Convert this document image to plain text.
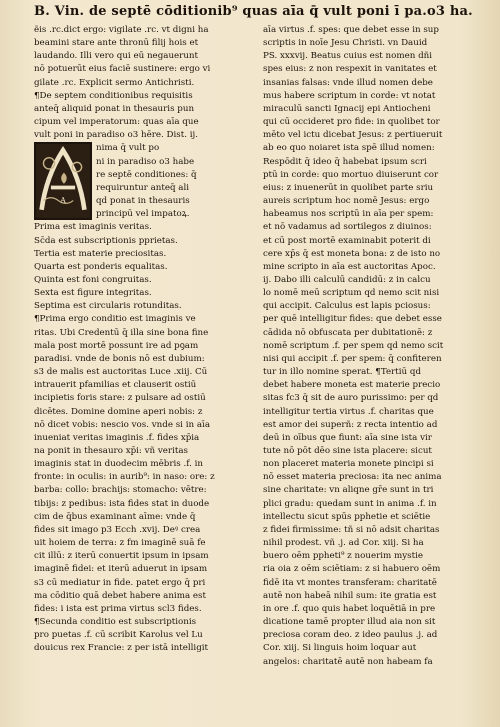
B. Vin. de septē cōditionib⁹ quas aīa q̄ vult poni ī pa.o3 ha.
ẽis .rc.dict ergo: vigilate .rc. vt digni ha
beamini stare ante thronū filij hois et
laudando. Illi vero qui eū negauerunt
nō potuerūt eius faciē sustinere: ergo vi
gilate .rc. Explicit sermo Antichristi.
¶De septem conditionibus requisitis
anteq̄ aliquid ponat in thesauris pun
cipum vel imperatorum: quas aīa que
vult poni in paradiso o3 hēre. Dist. ij.
A
nima q̄ vult po
ni in paradiso o3 habe
re septē conditiones: q̄
requiruntur anteq̄ ali
qd ponat in thesauris
principū vel impatoꝝ.
Prima est imaginis veritas.
Sc̄da est subscriptionis pprietas.
Tertia est materie preciositas.
Quarta est ponderis equalitas.
Quinta est foni congruitas.
Sexta est figure integritas.
Septima est circularis rotunditas.
¶Prima ergo conditio est imaginis ve
ritas. Ubi Credentū q̄ illa sine bona fine
mala post mortē possunt ire ad pꝯam
paradisi. vnde de bonis nō est dubium:
s3 de malis est auctoritas Luce .xiij. Cū
intrauerit pfamilias et clauserit ostiū
incipietis foris stare: z pulsare ad ostiū
dicētes. Domine domine aperi nobis: z
nō dicet vobis: nescio vos. vnde si in aīa
inueniat veritas imaginis .f. fides xp̄ia
na ponit in thesauro xp̄i: vñ veritas
imaginis stat in duodecim mēbris .f. in
fronte: in oculis: in aurib⁹: in naso: ore: z
barba: collo: brachijs: stomacho: vētre:
tibijs: z pedibus: ista fides stat in duode
cim de q̄bus examinant aīme: vnde q̄
fides sit imago p3 Ecch .xvij. Deꝰ crea
uit hoiem de terra: z fm imaginē suā fe
cit illū: z iterū conuertit ipsum in ipsam
imaginē fidei: et iterū aduerut in ipsam
s3 cū mediatur in fide. patet ergo q̄ pri
ma cōditio quā debet habere anima est
fides: i ista est prima virtus scl3 fides.
¶Secunda conditio est subscriptionis
pro puetas .f. cū scribit Karolus vel Lu
douicus rex Francie: z per istā intelligit
aīa virtus .f. spes: que debet esse in sup
scriptis in noīe Jesu Christi. vn Dauid
PS. xxxvij. Beatus cuius est nomen dñi
spes eius: z non respexit in vanitates et
insanias falsas: vnde illud nomen debe
mus habere scriptum in corde: vt notat
miraculū sancti Ignacij epi Antiocheni
qui cū occideret pro fide: in quolibet tor
mēto vel ictu dicebat Jesus: z pertiueruit
ab eo quo noiaret ista spē illud nomen:
Respōdit q̄ ideo q̄ habebat ipsum scri
ptū in corde: quo mortuo diuiserunt cor
eius: z inuenerūt in quolibet parte sriu
aureis scriptum hoc nomē Jesus: ergo
habeamus nos scriptū in aīa per spem:
et nō vadamus ad sortilegos z diuinos:
et cū post mortē examinabit poterit di
cere xp̄s q̄ est moneta bona: z de isto no
mine scripto in aīa est auctoritas Apoc.
ij. Dabo illi calculū candidū: z in calcu
lo nomē meū scriptum qd nemo scit nisi
qui accipit. Calculus est lapis pciosus:
per quē intelligitur fides: que debet esse
cādida nō obfuscata per dubitationē: z
nomē scriptum .f. per spem qd nemo scit
nisi qui accipit .f. per spem: q̄ confiteren
tur in illo nomine sperat. ¶Tertiū qd
debet habere moneta est materie precio
sitas fc3 q̄ sit de auro purissimo: per qd
intelligitur tertia virtus .f. charitas que
est amor dei superñ: z recta intentio ad
deū in oībus que fiunt: aīa sine ista vir
tute nō pōt dēo sine ista placere: sicut
non placeret materia monete pincipi si
nō esset materia preciosa: ita nec anima
sine charitate: vn aliqne gr̄e sunt in tri
plici gradu: quedam sunt in anima .f. in
intellectu sicut spūs pphetie et sciētie
z fidei firmissime: tñ si nō adsit charitas
nihil prodest. vñ .j. ad Cor. xiij. Si ha
buero oēm ppheti⁹ z nouerim mystie
ria oia z oēm sciētiam: z si habuero oēm
fidē ita vt montes transferam: charitatē
autē non habeā nihil sum: ite gratia est
in ore .f. quo quis habet loquētiā in pre
dicatione tamē propter illud aia non sit
preciosa coram deo. z ideo paulus .j. ad
Cor. xiij. Si linguis hoim loquar aut
angelos: charitatē autē non habeam fa
